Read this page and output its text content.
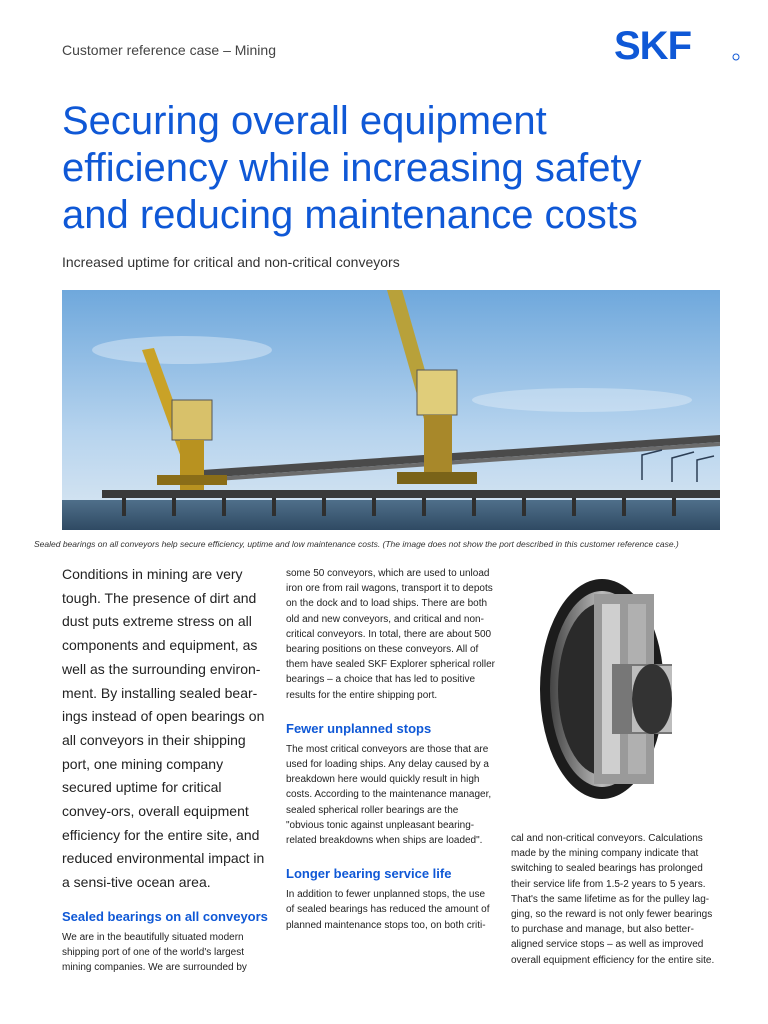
Customer reference case – Mining	SKF
Securing overall equipment efficiency while increasing safety and reducing maintenance costs
Increased uptime for critical and non-critical conveyors
Sealed bearings on all conveyors help secure efficiency, uptime and low maintenance costs. (The image does not show the port described in this customer reference case.)

Conditions in mining are very tough. The presence of dirt and dust puts extreme stress on all components and equipment, as well as the surrounding environ-ment. By installing sealed bear-ings instead of open bearings on all conveyors in their shipping port, one mining company secured uptime for critical convey-ors, overall equipment efficiency for the entire site, and reduced environmental impact in a sensi-tive ocean area.

Sealed bearings on all conveyors

We are in the beautifully situated modern shipping port of one of the world's largest mining companies. We are surrounded by

some 50 conveyors, which are used to unload iron ore from rail wagons, transport it to depots on the dock and to load ships. There are both old and new conveyors, and critical and non-critical conveyors. In total, there are about 500 bearing positions on these conveyors. All of them have sealed SKF Explorer spherical roller bearings – a choice that has led to positive results for the entire shipping port.

Fewer unplanned stops

The most critical conveyors are those that are used for loading ships. Any delay caused by a breakdown here would quickly result in high costs. According to the maintenance manager, sealed spherical roller bearings are the "obvious tonic against unpleasant bearing-related breakdowns when ships are loaded".

Longer bearing service life

In addition to fewer unplanned stops, the use of sealed bearings has reduced the amount of planned maintenance stops too, on both criti-

cal and non-critical conveyors. Calculations made by the mining company indicate that switching to sealed bearings has prolonged their service life from 1.5-2 years to 5 years. That's the same lifetime as for the pulley lag-ging, so the reward is not only fewer bearings to purchase and manage, but also better-aligned service stops – as well as improved overall equipment efficiency for the entire site.
